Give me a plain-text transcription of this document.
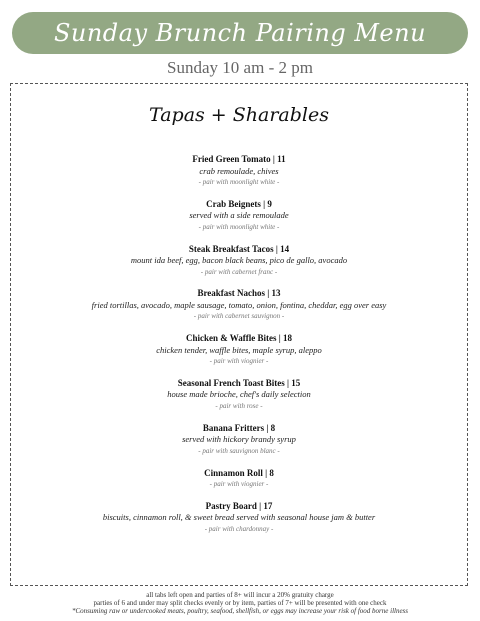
Sunday Brunch Pairing Menu
Sunday 10 am - 2 pm
Tapas + Sharables
Fried Green Tomato | 11
crab remoulade, chives
- pair with moonlight white -
Crab Beignets | 9
served with a side remoulade
- pair with moonlight white -
Steak Breakfast Tacos | 14
mount ida beef, egg, bacon black beans, pico de gallo, avocado
- pair with cabernet franc -
Breakfast Nachos | 13
fried tortillas, avocado, maple sausage, tomato, onion, fontina, cheddar, egg over easy
- pair with cabernet sauvignon -
Chicken & Waffle Bites | 18
chicken tender, waffle bites, maple syrup, aleppo
- pair with viognier -
Seasonal French Toast Bites | 15
house made brioche, chef's daily selection
- pair with rose -
Banana Fritters | 8
served with hickory brandy syrup
- pair with sauvignon blanc -
Cinnamon Roll | 8
- pair with viognier -
Pastry Board | 17
biscuits, cinnamon roll, & sweet bread served with seasonal house jam & butter
- pair with chardonnay -
all tabs left open and parties of 8+ will incur a 20% gratuity charge
parties of 6 and under may split checks evenly or by item, parties of 7+ will be presented with one check
*Consuming raw or undercooked meats, poultry, seafood, shellfish, or eggs may increase your risk of food borne illness
